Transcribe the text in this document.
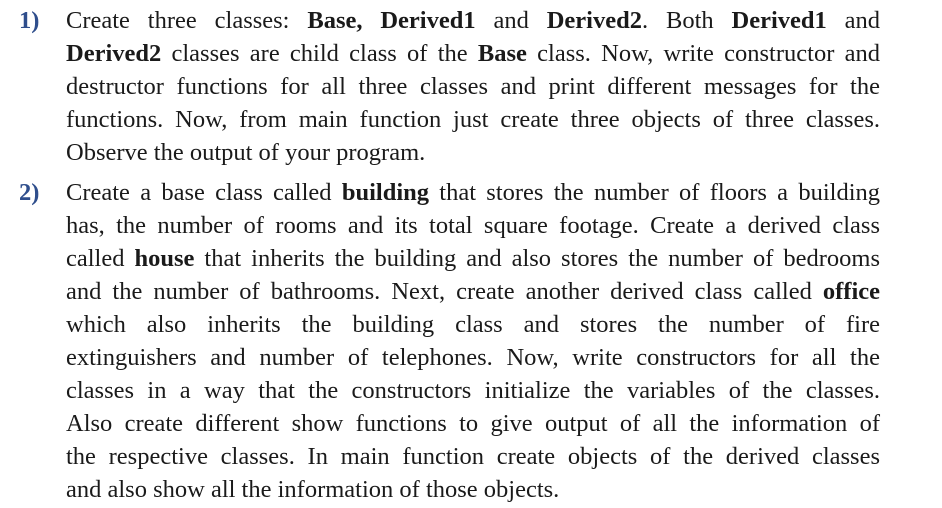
1) Create three classes: Base, Derived1 and Derived2. Both Derived1 and
Derived2 classes are child class of the Base class. Now, write constructor and
destructor functions for all three classes and print different messages for the
functions. Now, from main function just create three objects of three classes.
Observe the output of your program.
2) Create a base class called building that stores the number of floors a building
has, the number of rooms and its total square footage. Create a derived class
called house that inherits the building and also stores the number of bedrooms
and the number of bathrooms. Next, create another derived class called office
which also inherits the building class and stores the number of fire
extinguishers and number of telephones. Now, write constructors for all the
classes in a way that the constructors initialize the variables of the classes.
Also create different show functions to give output of all the information of
the respective classes. In main function create objects of the derived classes
and also show all the information of those objects.
